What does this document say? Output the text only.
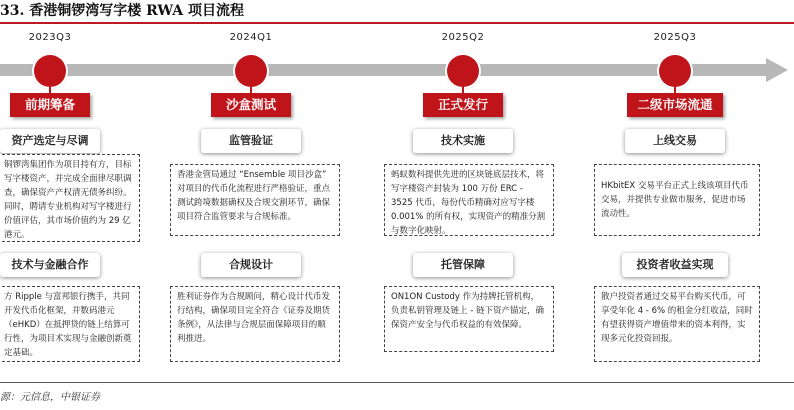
33. 香港铜锣湾写字楼 RWA 项目流程
2023Q3
前期筹备
资产选定与尽调

铜锣湾集团作为项目持有方，目标写字楼资产，并完成全面律尽职调查，确保资产产权清无债务纠纷。同时，聘请专业机构对写字楼进行价值评估，其市场价值约为 29 亿港元。

技术与金融合作

方 Ripple 与富邦银行携手，共同开发代币化框架，并数码港元（eHKD）在抵押贷的链上结算可行性，为项目术实现与金融创新奠定基础。

2024Q1
沙盒测试
监管验证

香港金管局通过 “Ensemble 项目沙盒” 对项目的代币化流程进行严格验证，重点测试跨境数据确权及合规交割环节，确保项目符合监管要求与合规标准。

合规设计

胜利证券作为合规顾问，精心设计代币发行结构，确保项目完全符合《证券及期货条例》，从法律与合规层面保障项目的顺利推进。

2025Q2
正式发行
技术实施

蚂蚁数科提供先进的区块链底层技术，将写字楼资产封装为 100 万份 ERC - 3525 代币，每份代币精确对应写字楼 0.001% 的所有权，实现资产的精准分割与数字化映射。

托管保障

ON1ON Custody 作为持牌托管机构，负责私钥管理及链上 - 链下资产锚定，确保资产安全与代币权益的有效保障。

2025Q3
二级市场流通
上线交易

HKbitEX 交易平台正式上线该项目代币交易，并提供专业做市服务，促进市场流动性。

投资者收益实现

散户投资者通过交易平台购买代币，可享受年化 4 - 6% 的租金分红收益，同时有望获得资产增值带来的资本利得，实现多元化投资回报。

源：元信息，中银证券
